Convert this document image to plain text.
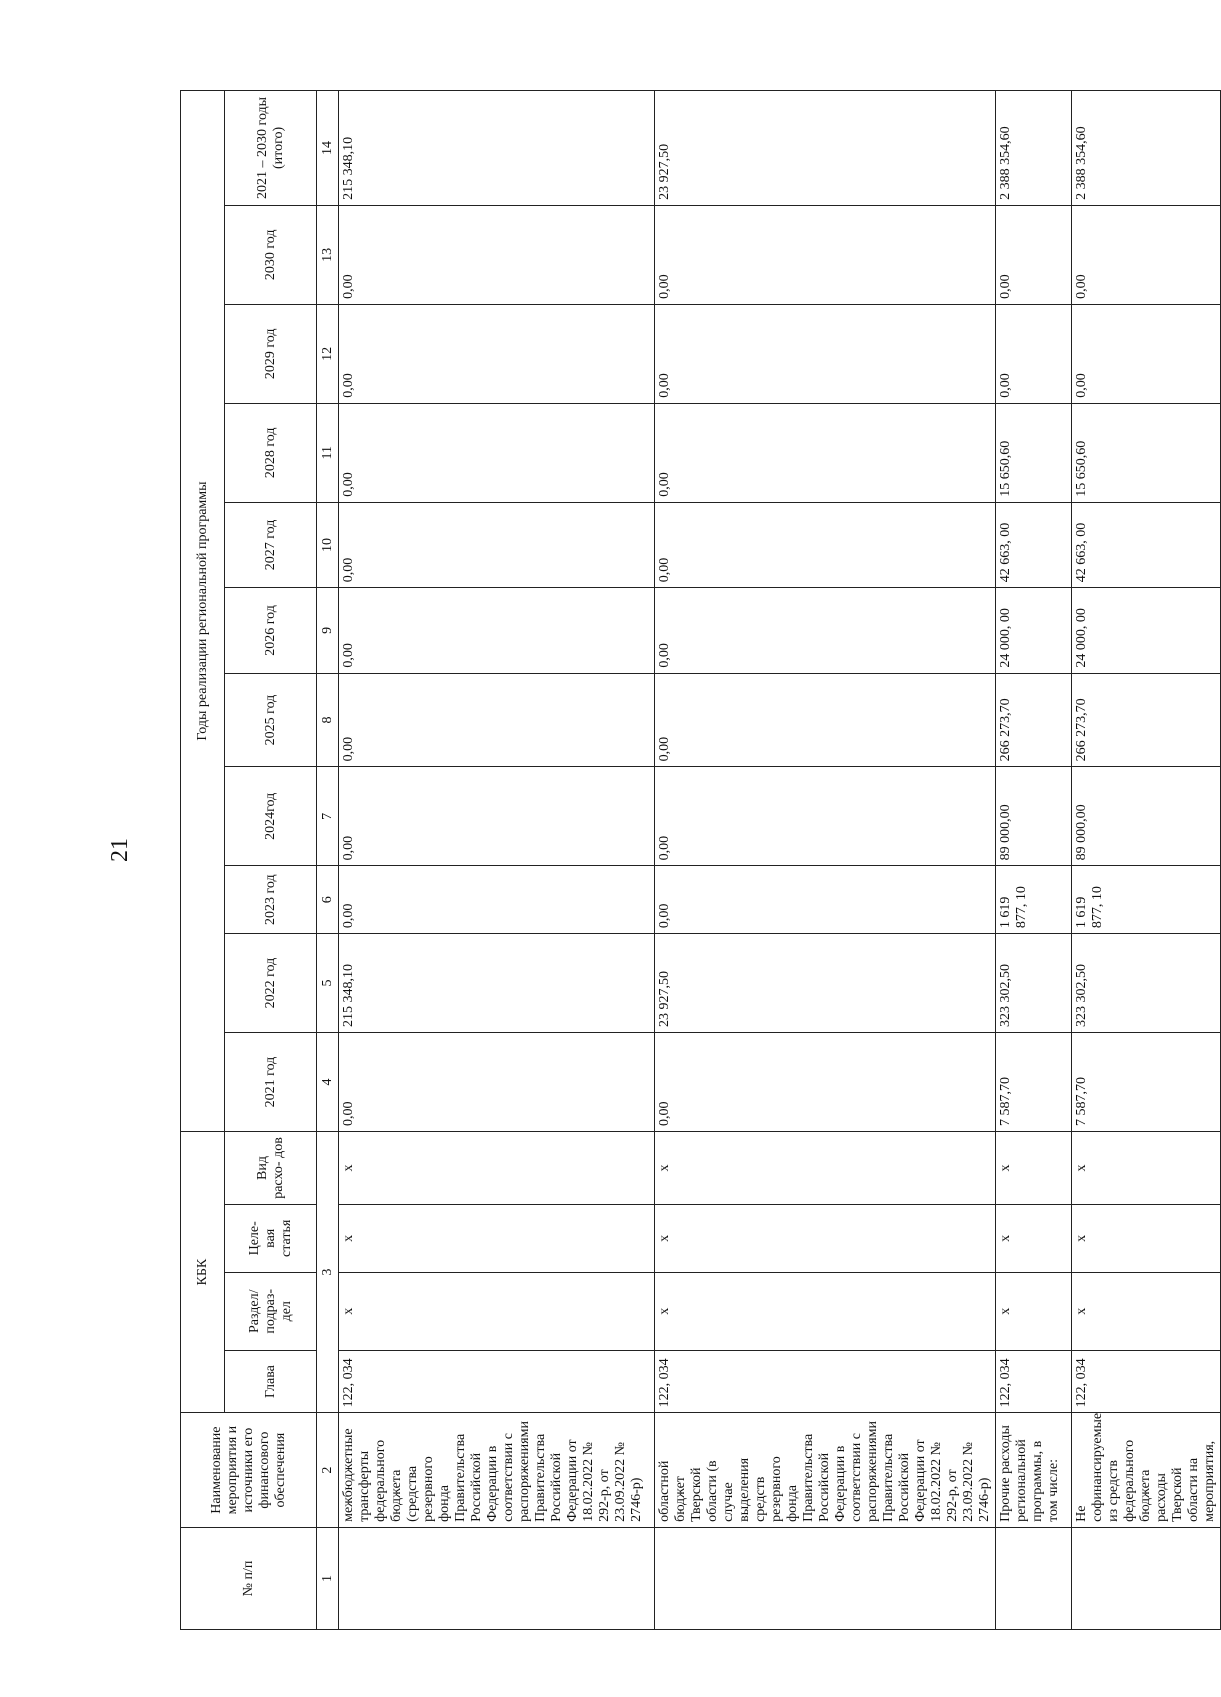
21
№ п/п	Наименование мероприятия и источники его финансового обеспечения	КБК				Годы реализации региональной программы										
		Глава	Раздел/ подраз- дел	Целе- вая статья	Вид расхо- дов	2021 год	2022 год	2023 год	2024год	2025 год	2026 год	2027 год	2028 год	2029 год	2030 год	2021 – 2030 годы (итого)
1	2	3				4	5	6	7	8	9	10	11	12	13	14
	межбюджетные трансферты федерального бюджета (средства резервного фонда Правительства Российской Федерации в соответствии с распоряжениями Правительства Российской Федерации от 18.02.2022 № 292-р, от 23.09.2022 № 2746-р)	122, 034	х	х	х	0,00	215 348,10	0,00	0,00	0,00	0,00	0,00	0,00	0,00	0,00	215 348,10
	областной бюджет Тверской области (в случае выделения средств резервного фонда Правительства Российской Федерации в соответствии с распоряжениями Правительства Российской Федерации от 18.02.2022 № 292-р, от 23.09.2022 № 2746-р)	122, 034	х	х	х	0,00	23 927,50	0,00	0,00	0,00	0,00	0,00	0,00	0,00	0,00	23 927,50
	Прочие расходы региональной программы, в том числе:	122, 034	х	х	х	7 587,70	323 302,50	1 619 877, 10	89 000,00	266 273,70	24 000, 00	42 663, 00	15 650,60	0,00	0,00	2 388 354,60
	Не софинансируемые из средств федерального бюджета расходы Тверской области на мероприятия,	122, 034	х	х	х	7 587,70	323 302,50	1 619 877, 10	89 000,00	266 273,70	24 000, 00	42 663, 00	15 650,60	0,00	0,00	2 388 354,60
